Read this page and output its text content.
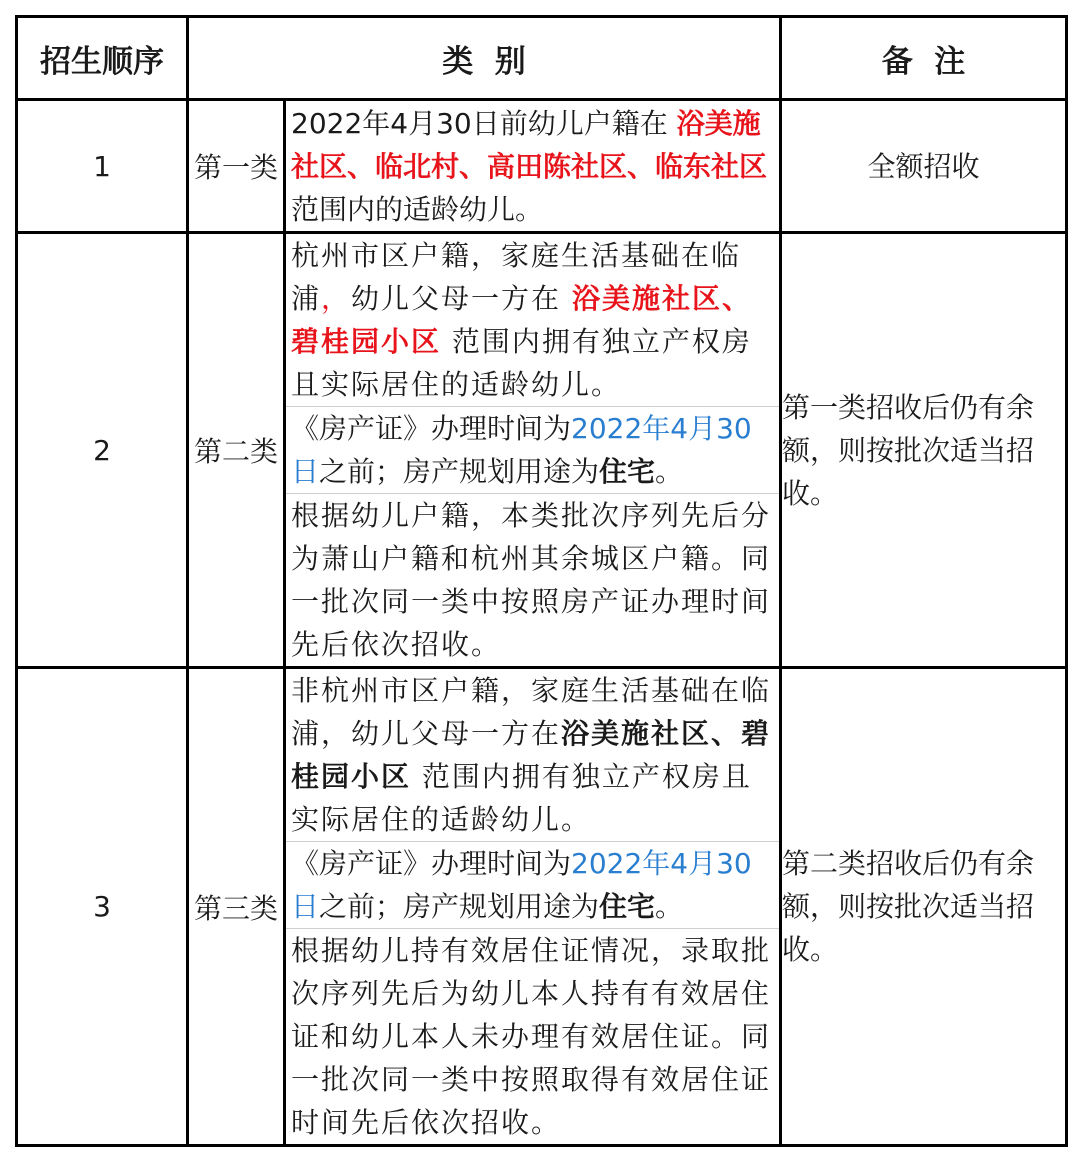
招生顺序	类  别		备  注
1	第一类	2022年4月30日前幼儿户籍在 浴美施社区、临北村、高田陈社区、临东社区 范围内的适龄幼儿。	全额招收
2	第二类	杭州市区户籍，家庭生活基础在临浦，幼儿父母一方在 浴美施社区、碧桂园小区 范围内拥有独立产权房且实际居住的适龄幼儿。
《房产证》办理时间为2022年4月30日之前；房产规划用途为住宅。
根据幼儿户籍，本类批次序列先后分为萧山户籍和杭州其余城区户籍。同一批次同一类中按照房产证办理时间先后依次招收。	第一类招收后仍有余额，则按批次适当招收。
3	第三类	非杭州市区户籍，家庭生活基础在临浦，幼儿父母一方在浴美施社区、碧桂园小区 范围内拥有独立产权房且实际居住的适龄幼儿。
《房产证》办理时间为2022年4月30日之前；房产规划用途为住宅。
根据幼儿持有效居住证情况，录取批次序列先后为幼儿本人持有有效居住证和幼儿本人未办理有效居住证。同一批次同一类中按照取得有效居住证时间先后依次招收。	第二类招收后仍有余额，则按批次适当招收。
